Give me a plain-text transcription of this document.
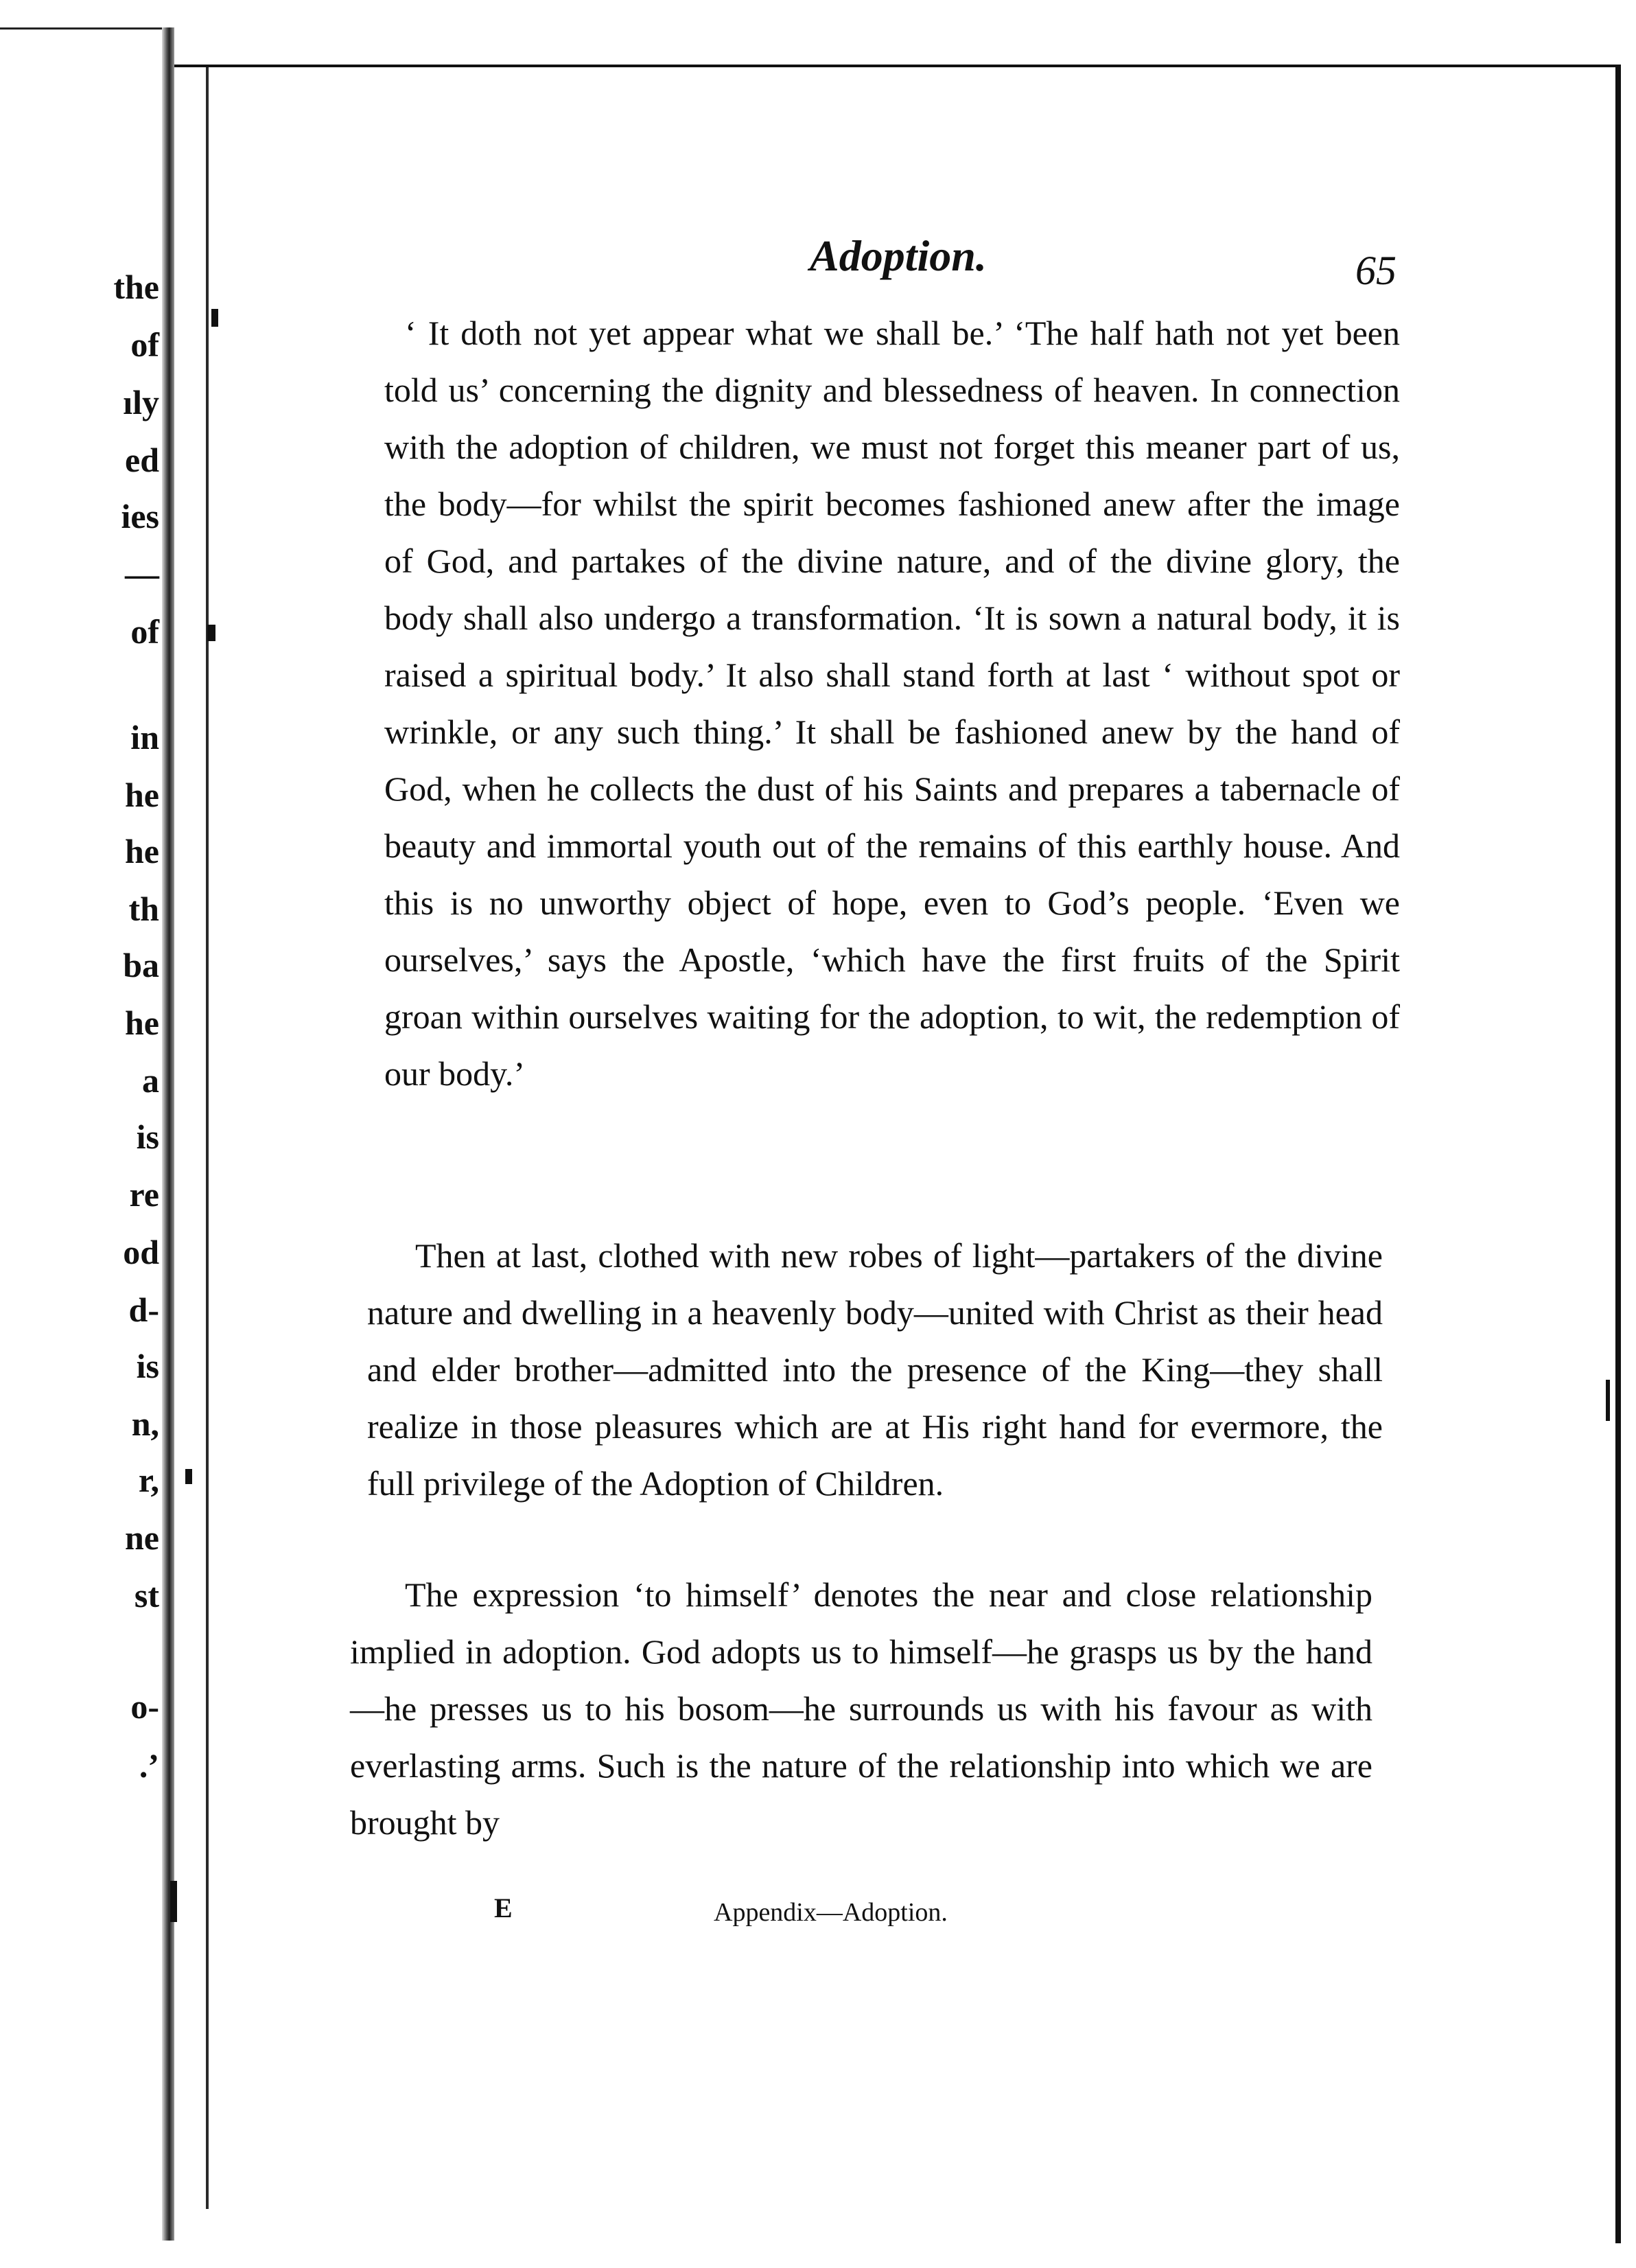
the

of

ıly

ed

ies

—

of

in

he

he

th

ba

he

a

is

re

od

d-

is

n,

r,

ne

st

o-

.’

Adoption.	65

‘ It doth not yet appear what we shall be.’ ‘The half hath not yet been told us’ concerning the dignity and blessedness of heaven. In connection with the adoption of children, we must not forget this meaner part of us, the body—for whilst the spirit becomes fashioned anew after the image of God, and partakes of the divine nature, and of the divine glory, the body shall also undergo a transformation. ‘It is sown a natural body, it is raised a spiritual body.’ It also shall stand forth at last ‘ without spot or wrinkle, or any such thing.’ It shall be fashioned anew by the hand of God, when he collects the dust of his Saints and prepares a tabernacle of beauty and immortal youth out of the remains of this earthly house. And this is no unworthy object of hope, even to God’s people. ‘Even we ourselves,’ says the Apostle, ‘which have the first fruits of the Spirit groan within ourselves waiting for the adoption, to wit, the redemption of our body.’

Then at last, clothed with new robes of light—partakers of the divine nature and dwelling in a heavenly body—united with Christ as their head and elder brother—admitted into the presence of the King—they shall realize in those pleasures which are at His right hand for evermore, the full privilege of the Adoption of Children.

The expression ‘to himself’ denotes the near and close relationship implied in adoption. God adopts us to himself—he grasps us by the hand—he presses us to his bosom—he surrounds us with his favour as with everlasting arms. Such is the nature of the relationship into which we are brought by

E	Appendix—Adoption.
